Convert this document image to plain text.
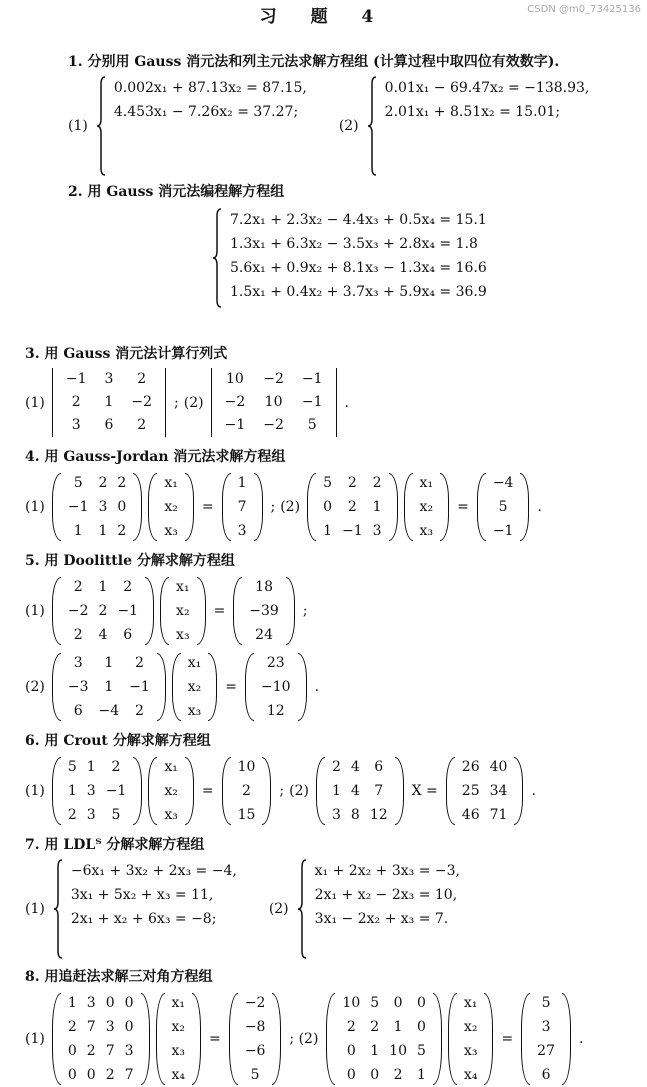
习 题 4
1. 分别用 Gauss 消元法和列主元法求解方程组 (计算过程中取四位有效数字).
(1)
0.002x₁ + 87.13x₂ = 87.15,
4.453x₁ − 7.26x₂ = 37.27;
(2)
0.01x₁ − 69.47x₂ = −138.93,
2.01x₁ + 8.51x₂ = 15.01;
2. 用 Gauss 消元法编程解方程组
7.2x₁ + 2.3x₂ − 4.4x₃ + 0.5x₄ = 15.1
1.3x₁ + 6.3x₂ − 3.5x₃ + 2.8x₄ = 1.8
5.6x₁ + 0.9x₂ + 8.1x₃ − 1.3x₄ = 16.6
1.5x₁ + 0.4x₂ + 3.7x₃ + 5.9x₄ = 36.9
3. 用 Gauss 消元法计算行列式
(1)
−1	3	2
2	1	−2
3	6	2
; (2)
10	−2	−1
−2	10	−1
−1	−2	5
.
4. 用 Gauss-Jordan 消元法求解方程组
(1)
5	2	2
−1	3	0
1	1	2
x₁
x₂
x₃
=
1
7
3
; (2)
5	2	2
0	2	1
1	−1	3
x₁
x₂
x₃
=
−4
5
−1
.
5. 用 Doolittle 分解求解方程组
(1)
2	1	2
−2	2	−1
2	4	6
x₁
x₂
x₃
=
18
−39
24
;
(2)
3	1	2
−3	1	−1
6	−4	2
x₁
x₂
x₃
=
23
−10
12
.
6. 用 Crout 分解求解方程组
(1)
5	1	2
1	3	−1
2	3	5
x₁
x₂
x₃
=
10
2
15
; (2)
2	4	6
1	4	7
3	8	12
X =
26	40
25	34
46	71
.
7. 用 LDLᵀ 分解求解方程组
(1)
−6x₁ + 3x₂ + 2x₃ = −4,
3x₁ + 5x₂ + x₃ = 11,
2x₁ + x₂ + 6x₃ = −8;
(2)
x₁ + 2x₂ + 3x₃ = −3,
2x₁ + x₂ − 2x₃ = 10,
3x₁ − 2x₂ + x₃ = 7.
8. 用追赶法求解三对角方程组
(1)
1	3	0	0
2	7	3	0
0	2	7	3
0	0	2	7
x₁
x₂
x₃
x₄
=
−2
−8
−6
5
; (2)
10	5	0	0
2	2	1	0
0	1	10	5
0	0	2	1
x₁
x₂
x₃
x₄
=
5
3
27
6
.
CSDN @m0_73425136
